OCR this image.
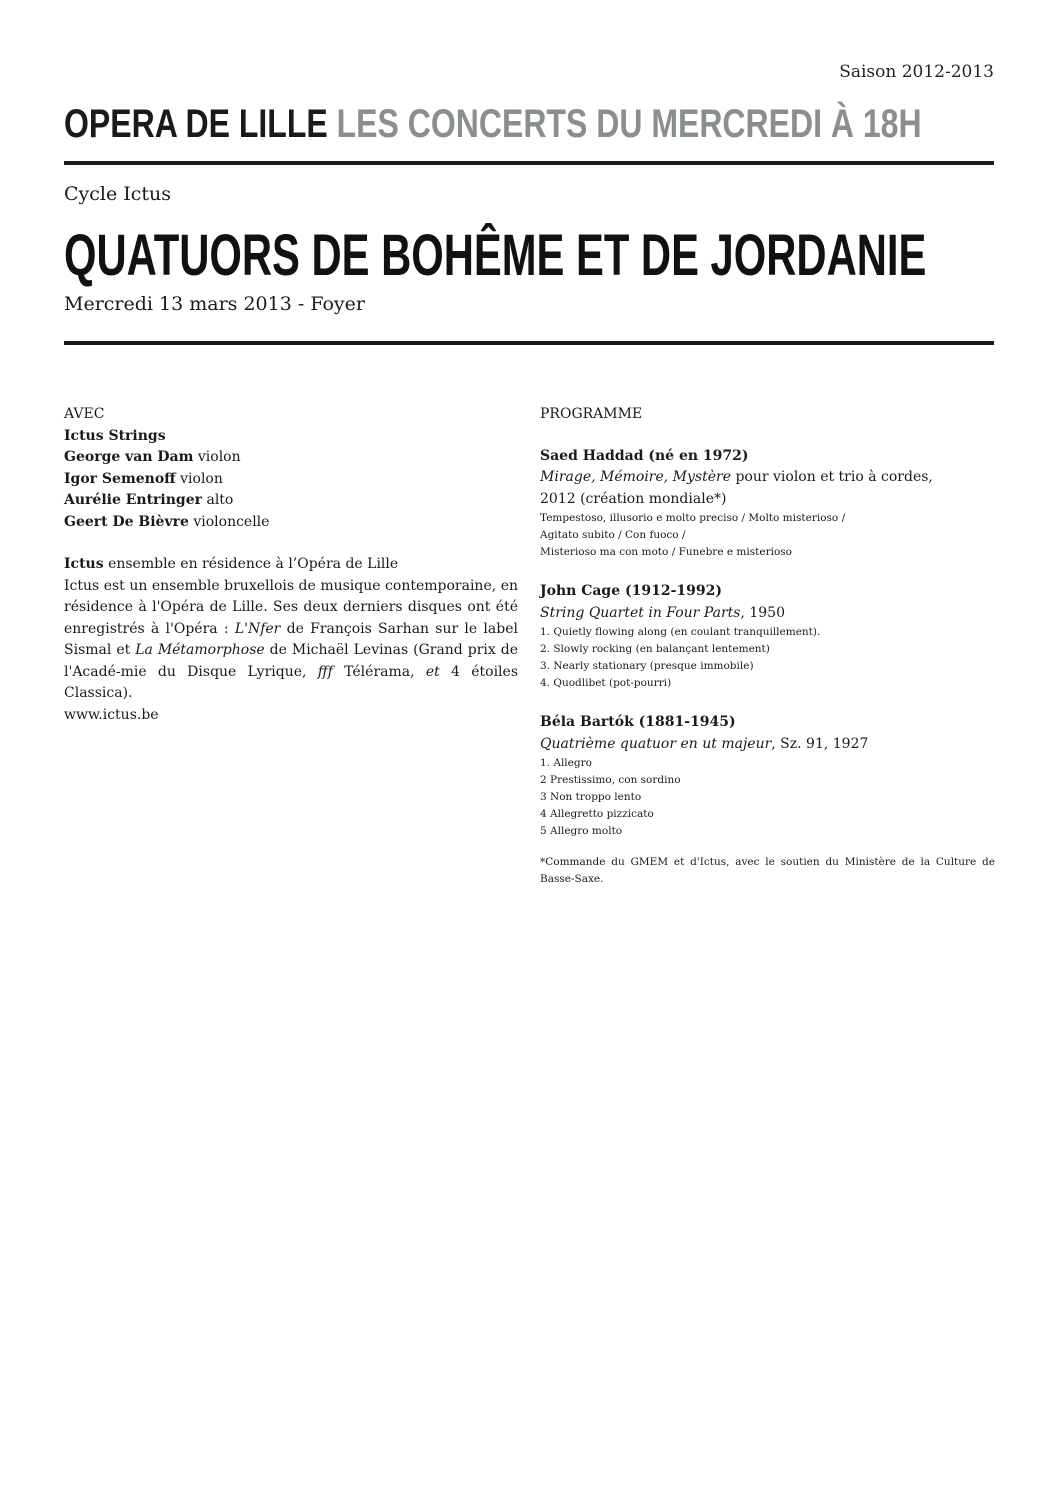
Saison 2012-2013
OPERA DE LILLE LES CONCERTS DU MERCREDI À 18H
Cycle Ictus
QUATUORS DE BOHÊME ET DE JORDANIE
Mercredi 13 mars 2013 - Foyer
AVEC
Ictus Strings
George van Dam violon
Igor Semenoff violon
Aurélie Entringer alto
Geert De Bièvre violoncelle
Ictus ensemble en résidence à l’Opéra de Lille
Ictus est un ensemble bruxellois de musique contemporaine, en résidence à l'Opéra de Lille. Ses deux derniers disques ont été enregistrés à l'Opéra : L'Nfer de François Sarhan sur le label Sismal et La Métamorphose de Michaël Levinas (Grand prix de l'Acadé-mie du Disque Lyrique, fff Télérama, et 4 étoiles Classica).
www.ictus.be
PROGRAMME
Saed Haddad (né en 1972)
Mirage, Mémoire, Mystère pour violon et trio à cordes,
2012 (création mondiale*)
Tempestoso, illusorio e molto preciso / Molto misterioso /
Agitato subito / Con fuoco /
Misterioso ma con moto / Funebre e misterioso
John Cage (1912-1992)
String Quartet in Four Parts, 1950
1. Quietly flowing along (en coulant tranquillement).
2. Slowly rocking (en balançant lentement)
3. Nearly stationary (presque immobile)
4. Quodlibet (pot-pourri)
Béla Bartók (1881-1945)
Quatrième quatuor en ut majeur, Sz. 91, 1927
1. Allegro
2 Prestissimo, con sordino
3 Non troppo lento
4 Allegretto pizzicato
5 Allegro molto
*Commande du GMEM et d'Ictus, avec le soutien du Ministère de la Culture de Basse-Saxe.
